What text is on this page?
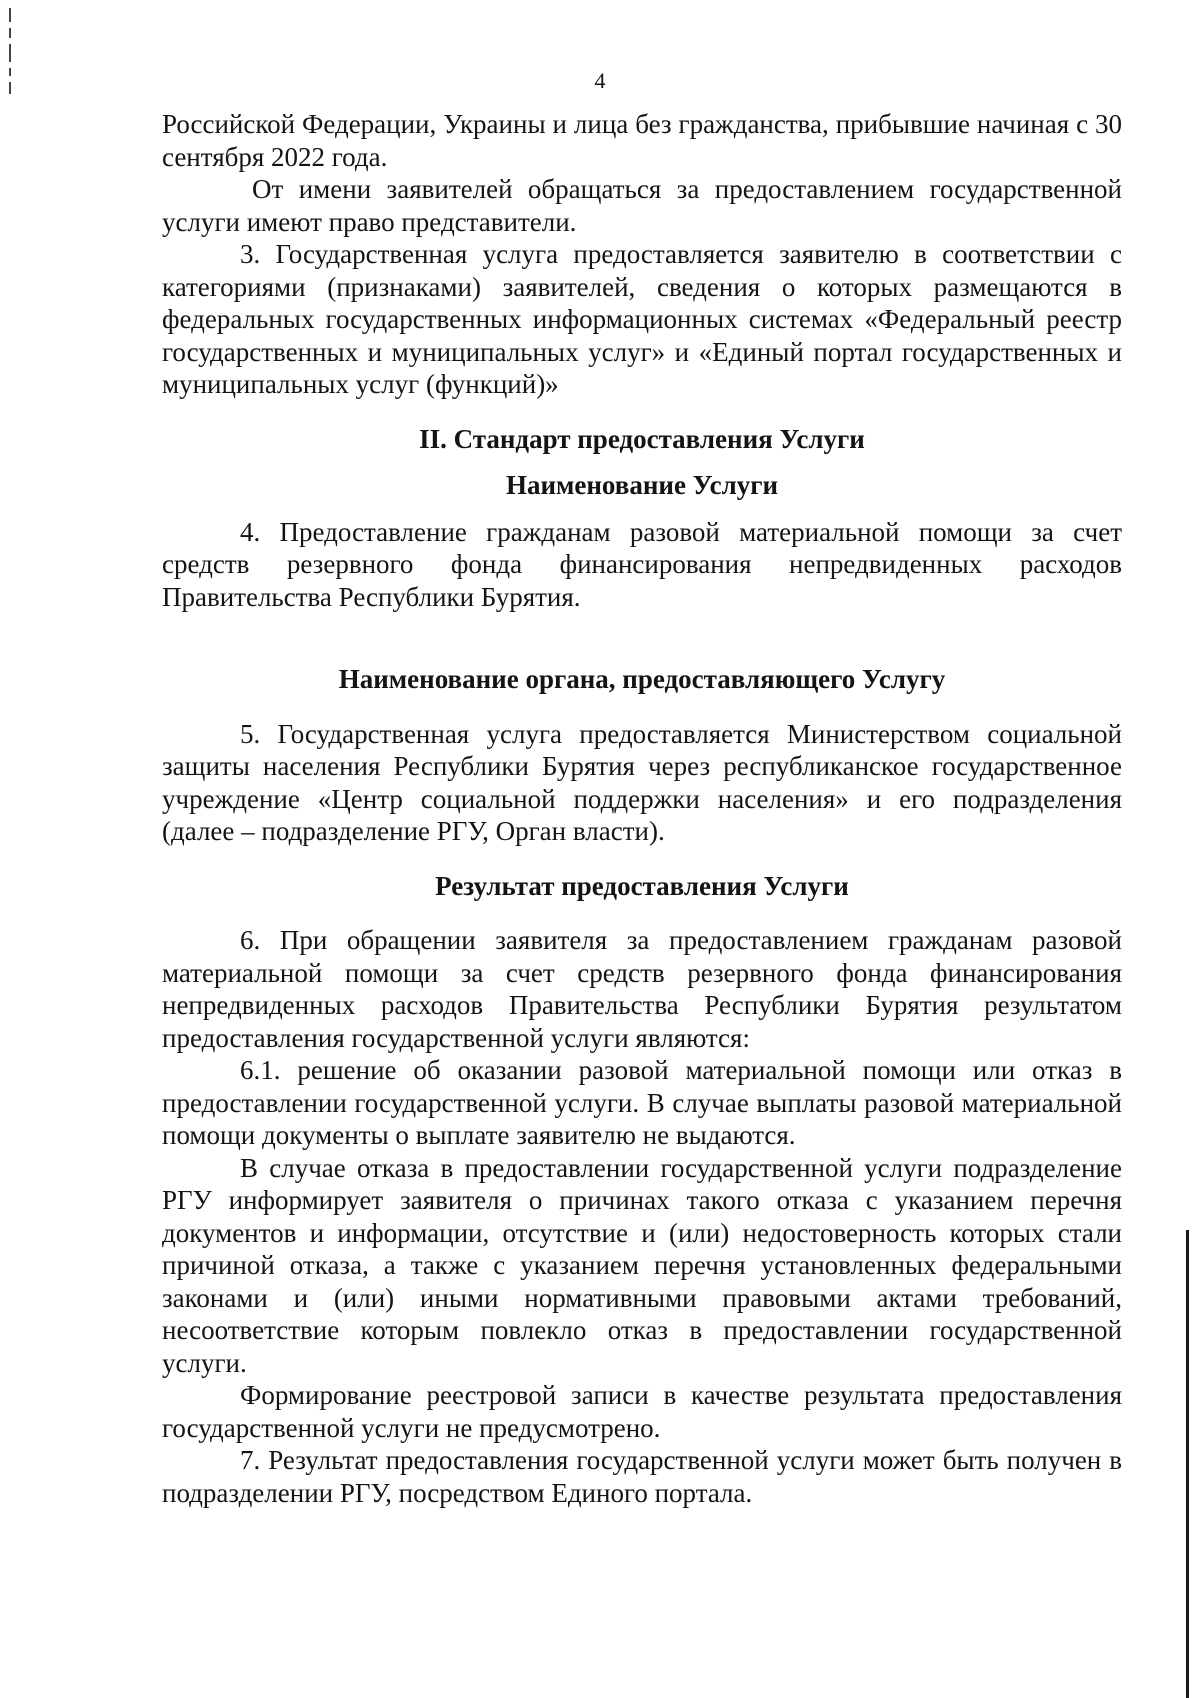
4

Российской Федерации, Украины и лица без гражданства, прибывшие начиная с 30 сентября 2022 года.

От имени заявителей обращаться за предоставлением государственной услуги имеют право представители.

3. Государственная услуга предоставляется заявителю в соответствии с категориями (признаками) заявителей, сведения о которых размещаются в федеральных государственных информационных системах «Федеральный реестр государственных и муниципальных услуг» и «Единый портал государственных и муниципальных услуг (функций)»

II. Стандарт предоставления Услуги
Наименование Услуги

4. Предоставление гражданам разовой материальной помощи за счет средств резервного фонда финансирования непредвиденных расходов Правительства Республики Бурятия.

Наименование органа, предоставляющего Услугу

5. Государственная услуга предоставляется Министерством социальной защиты населения Республики Бурятия через республиканское государственное учреждение «Центр социальной поддержки населения» и его подразделения (далее – подразделение РГУ, Орган власти).

Результат предоставления Услуги

6. При обращении заявителя за предоставлением гражданам разовой материальной помощи за счет средств резервного фонда финансирования непредвиденных расходов Правительства Республики Бурятия результатом предоставления государственной услуги являются:

6.1. решение об оказании разовой материальной помощи или отказ в предоставлении государственной услуги. В случае выплаты разовой материальной помощи документы о выплате заявителю не выдаются.

В случае отказа в предоставлении государственной услуги подразделение РГУ информирует заявителя о причинах такого отказа с указанием перечня документов и информации, отсутствие и (или) недостоверность которых стали причиной отказа, а также с указанием перечня установленных федеральными законами и (или) иными нормативными правовыми актами требований, несоответствие которым повлекло отказ в предоставлении государственной услуги.

Формирование реестровой записи в качестве результата предоставления государственной услуги не предусмотрено.

7. Результат предоставления государственной услуги может быть получен в подразделении РГУ, посредством Единого портала.
